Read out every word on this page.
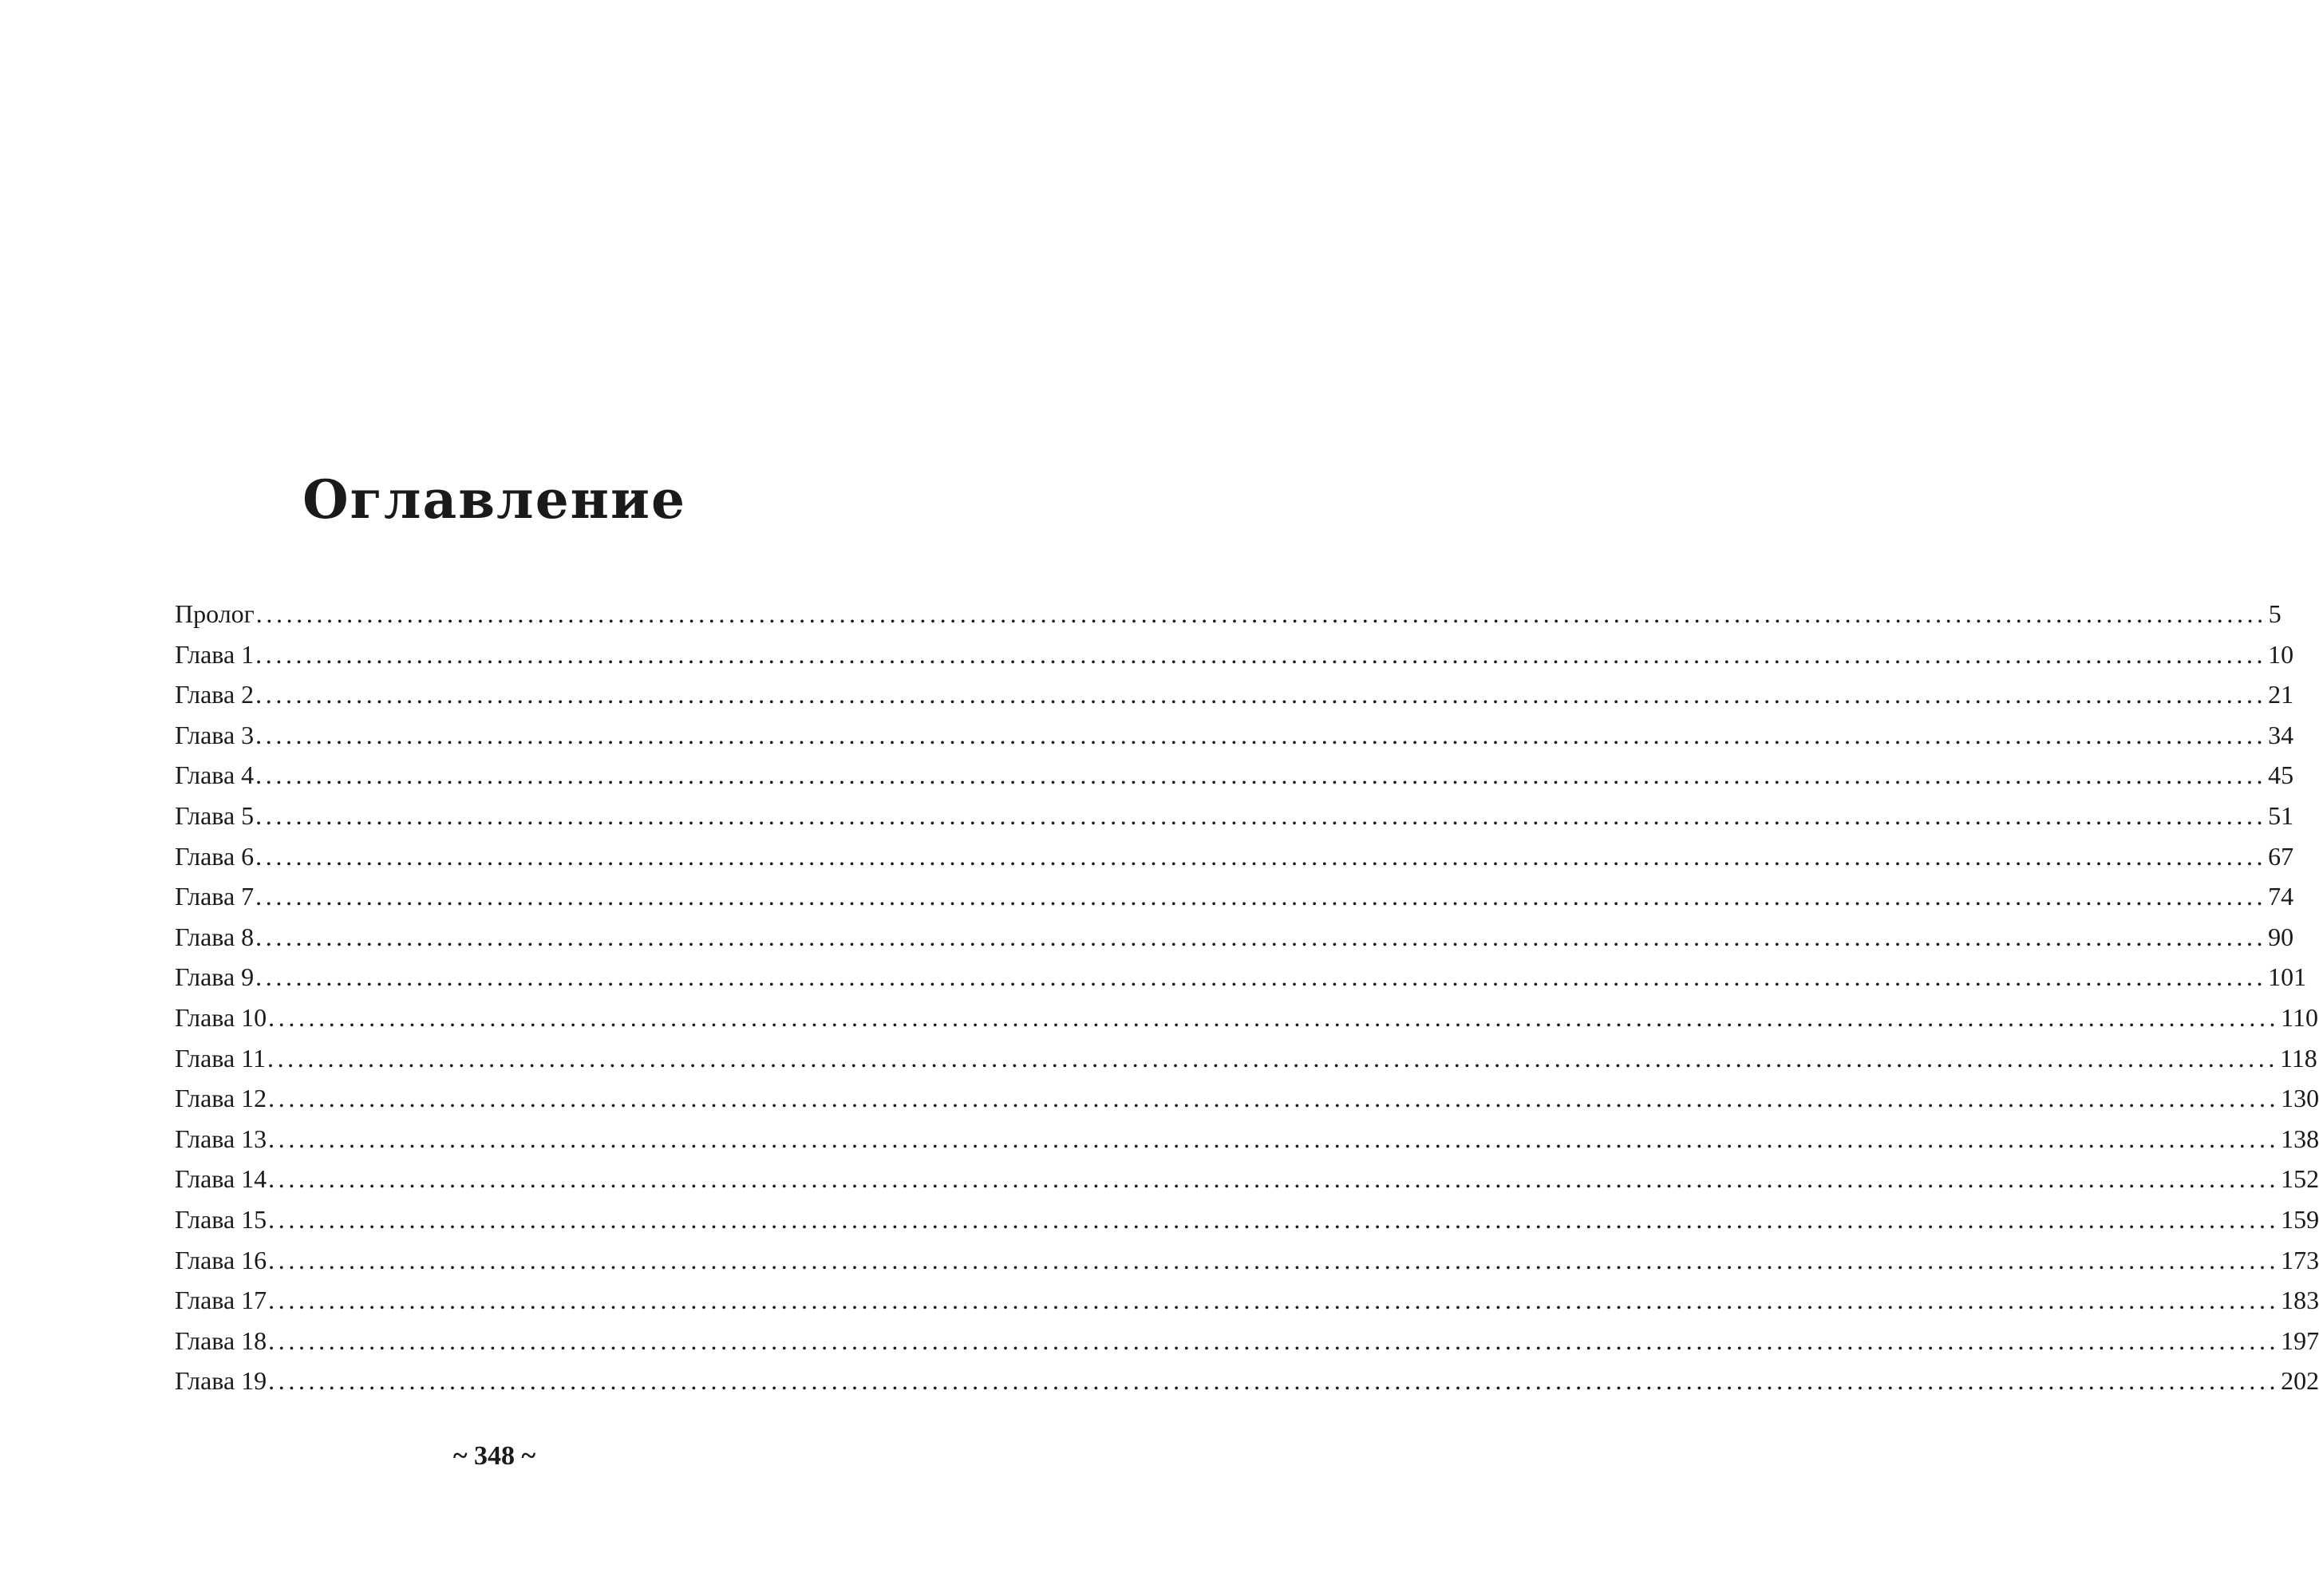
Оглавление
Пролог ........................................................................................................................................................................................................ 5
Глава 1 ........................................................................................................................................................................................................ 10
Глава 2 ........................................................................................................................................................................................................ 21
Глава 3 ........................................................................................................................................................................................................ 34
Глава 4 ........................................................................................................................................................................................................ 45
Глава 5 ........................................................................................................................................................................................................ 51
Глава 6 ........................................................................................................................................................................................................ 67
Глава 7 ........................................................................................................................................................................................................ 74
Глава 8 ........................................................................................................................................................................................................ 90
Глава 9 ........................................................................................................................................................................................................ 101
Глава 10 ........................................................................................................................................................................................................ 110
Глава 11 ........................................................................................................................................................................................................ 118
Глава 12 ........................................................................................................................................................................................................ 130
Глава 13 ........................................................................................................................................................................................................ 138
Глава 14 ........................................................................................................................................................................................................ 152
Глава 15 ........................................................................................................................................................................................................ 159
Глава 16 ........................................................................................................................................................................................................ 173
Глава 17 ........................................................................................................................................................................................................ 183
Глава 18 ........................................................................................................................................................................................................ 197
Глава 19 ........................................................................................................................................................................................................ 202
~ 348 ~
